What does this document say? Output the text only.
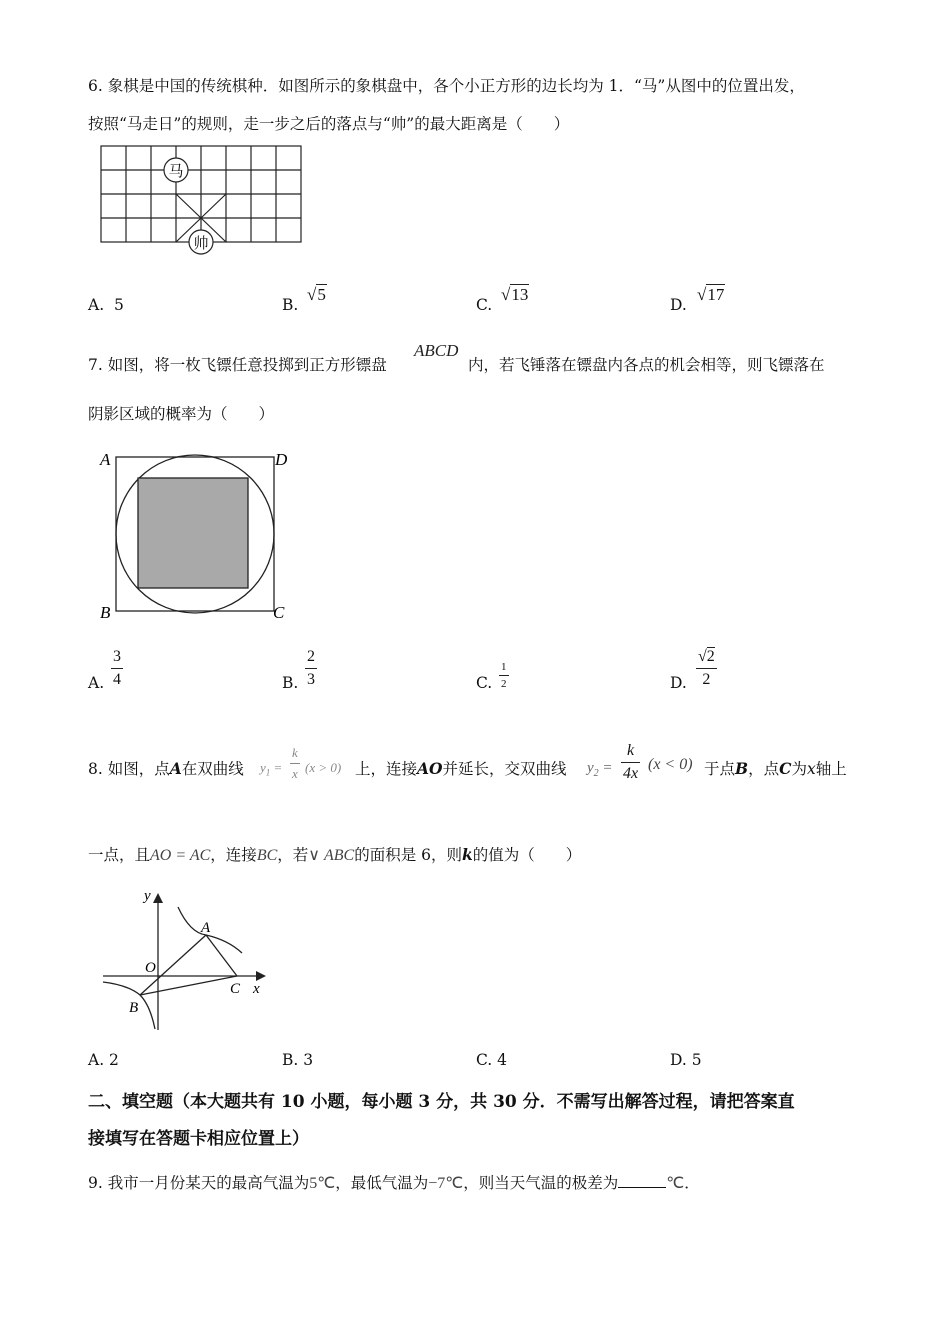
6. 象棋是中国的传统棋种．如图所示的象棋盘中，各个小正方形的边长均为 1．“马”从图中的位置出发，
按照“马走日”的规则，走一步之后的落点与“帅”的最大距离是（　　）
马
帅
A. 5	B.
√5
C.
√13
D.
√17
7. 如图，将一枚飞镖任意投掷到正方形镖盘
ABCD
内，若飞锤落在镖盘内各点的机会相等，则飞镖落在
阴影区域的概率为（　　）
A	D
B	C
A.
3
4	B.
2
3	C.
1
2	D.
√2
2
8. 如图，点A在双曲线 $y_1$ =
k
x (x > 0) 上，连接AO并延长，交双曲线 $y_2$ =
k
4x
(x < 0) 于点B，点C为x轴上
一点，且AO = AC，连接BC，若∨ ABC的面积是 6，则k的值为（　　）
y
x
O
A
B
C
A. 2	B. 3	C. 4	D. 5
二、填空题（本大题共有 10 小题，每小题 3 分，共 30 分．不需写出解答过程，请把答案直
接填写在答题卡相应位置上）
9. 我市一月份某天的最高气温为5℃，最低气温为−7℃，则当天气温的极差为	℃．
